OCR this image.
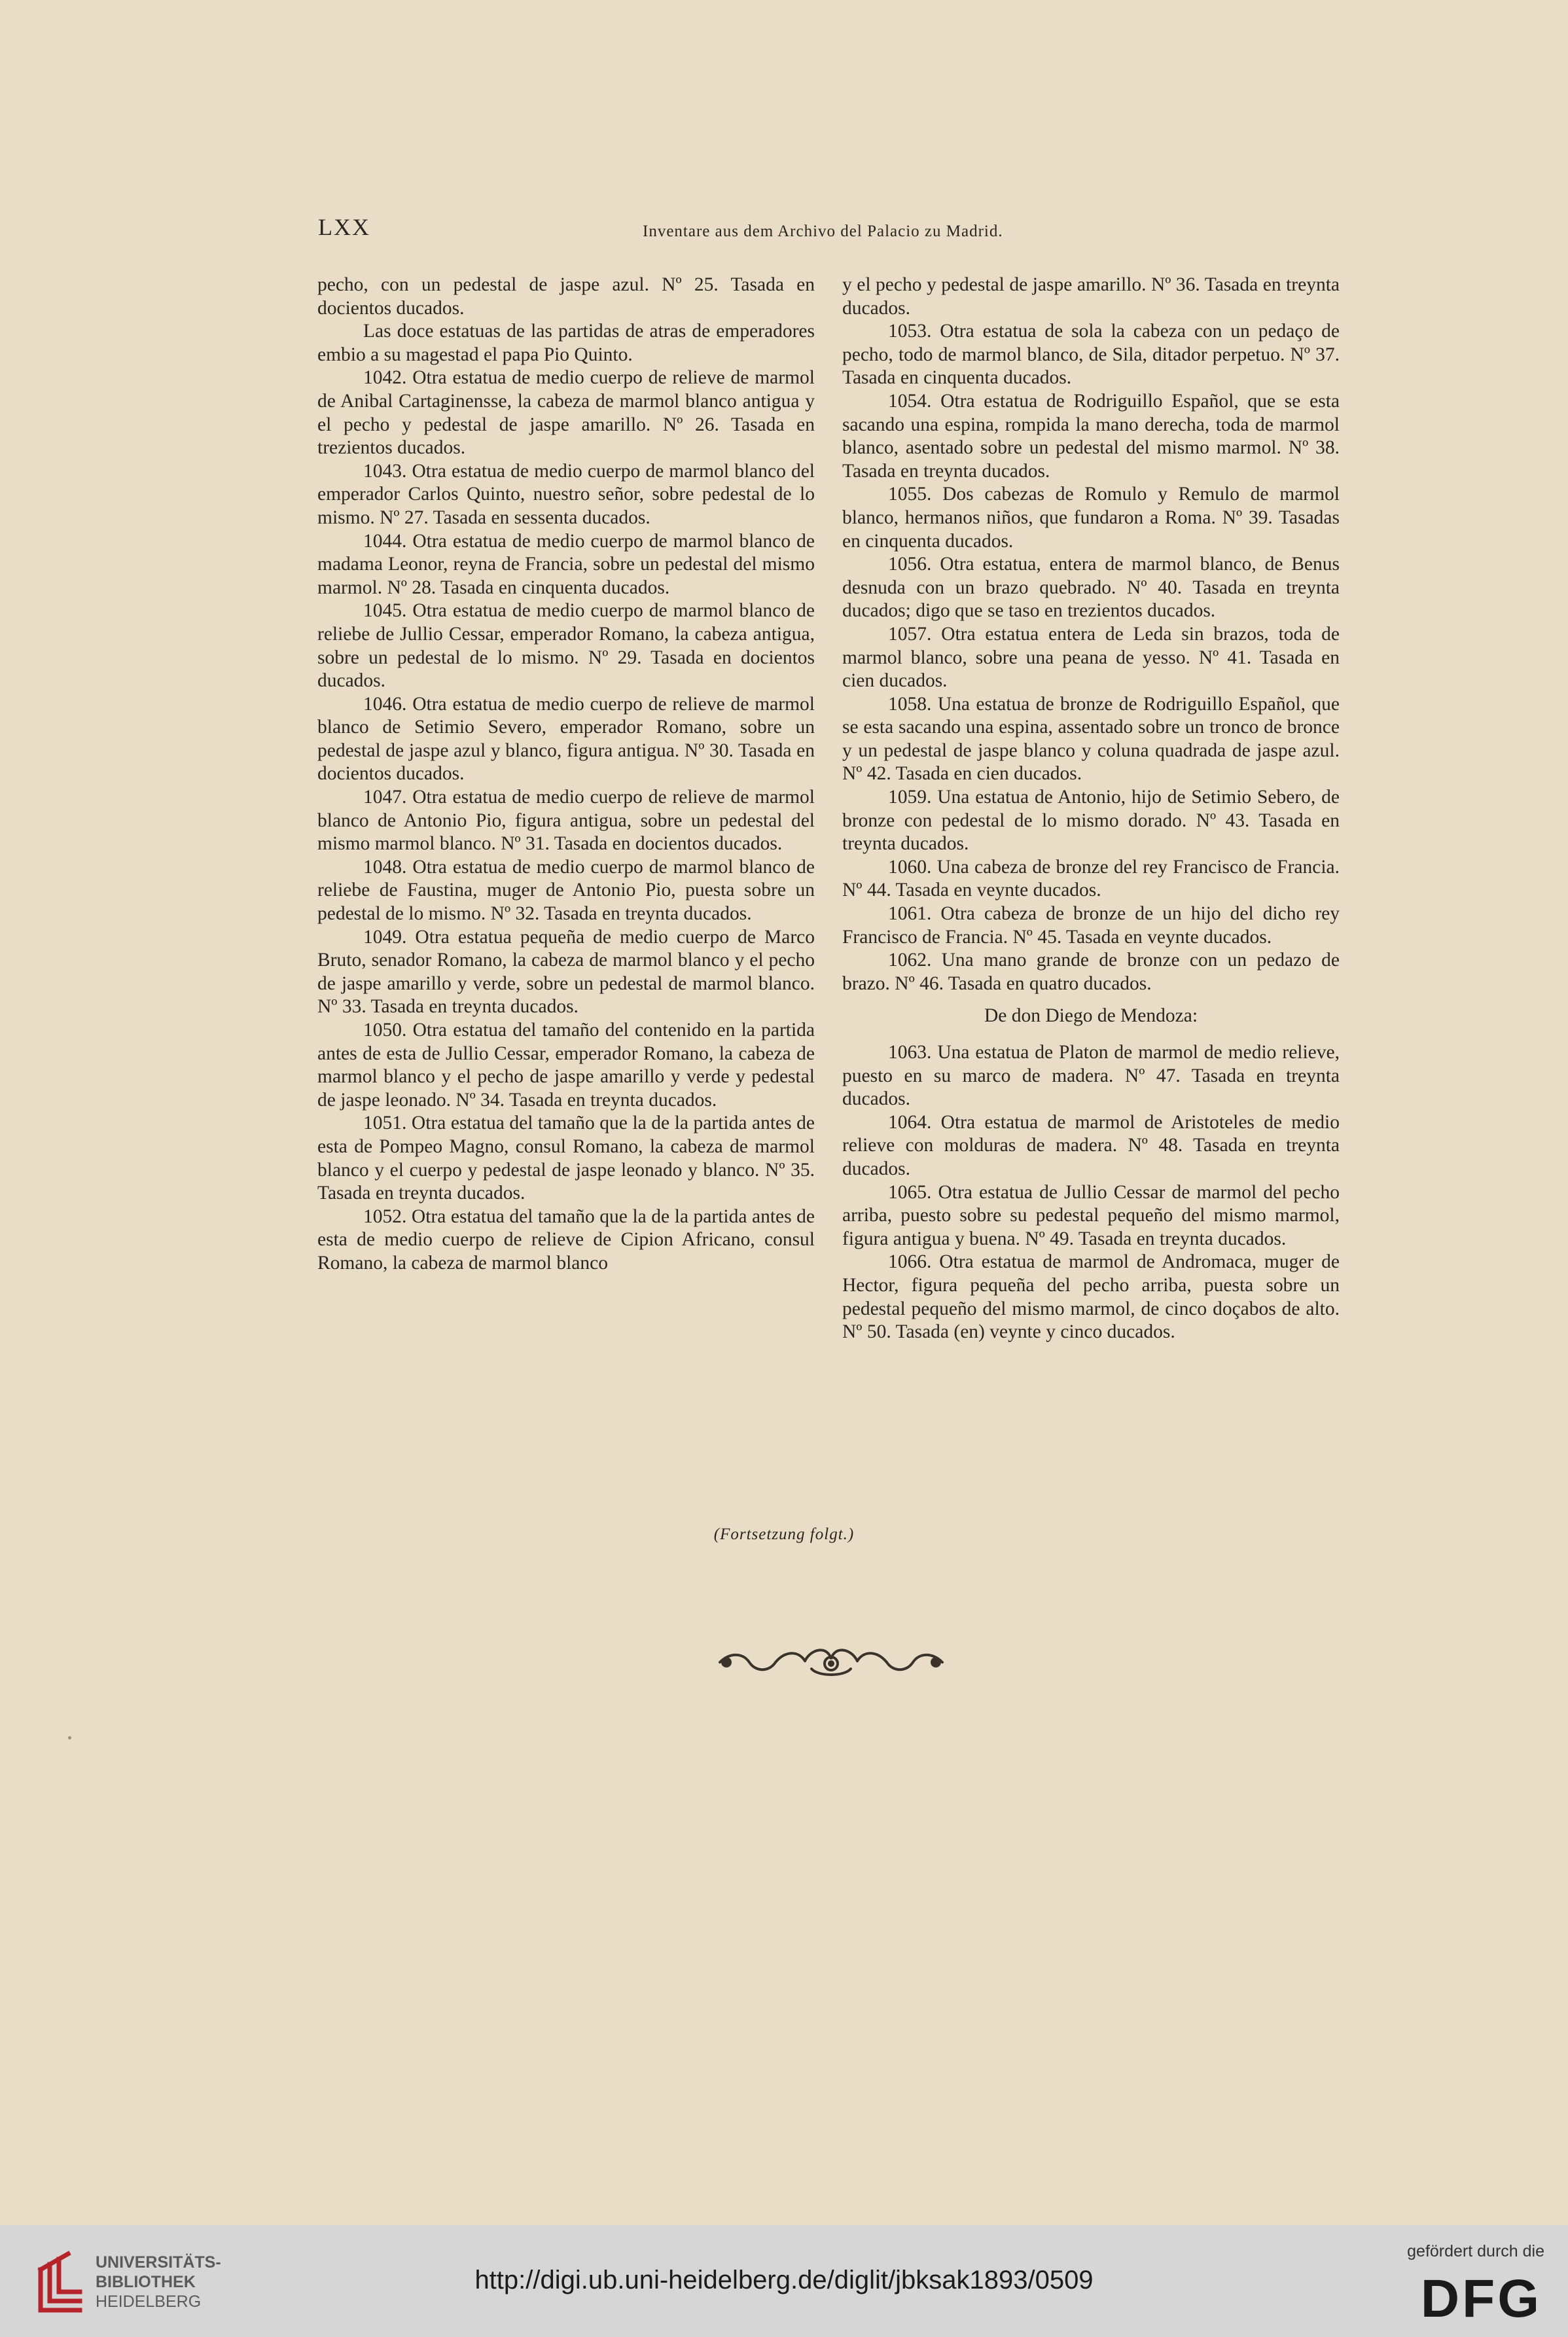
LXX	Inventare aus dem Archivo del Palacio zu Madrid.

pecho, con un pedestal de jaspe azul. Nº 25. Tasada en docientos ducados.

Las doce estatuas de las partidas de atras de emperadores embio a su magestad el papa Pio Quinto.

1042. Otra estatua de medio cuerpo de relieve de marmol de Anibal Cartaginensse, la cabeza de marmol blanco antigua y el pecho y pedestal de jaspe amarillo. Nº 26. Tasada en trezientos ducados.

1043. Otra estatua de medio cuerpo de marmol blanco del emperador Carlos Quinto, nuestro señor, sobre pedestal de lo mismo. Nº 27. Tasada en sessenta ducados.

1044. Otra estatua de medio cuerpo de marmol blanco de madama Leonor, reyna de Francia, sobre un pedestal del mismo marmol. Nº 28. Tasada en cinquenta ducados.

1045. Otra estatua de medio cuerpo de marmol blanco de reliebe de Jullio Cessar, emperador Romano, la cabeza antigua, sobre un pedestal de lo mismo. Nº 29. Tasada en docientos ducados.

1046. Otra estatua de medio cuerpo de relieve de marmol blanco de Setimio Severo, emperador Romano, sobre un pedestal de jaspe azul y blanco, figura antigua. Nº 30. Tasada en docientos ducados.

1047. Otra estatua de medio cuerpo de relieve de marmol blanco de Antonio Pio, figura antigua, sobre un pedestal del mismo marmol blanco. Nº 31. Tasada en docientos ducados.

1048. Otra estatua de medio cuerpo de marmol blanco de reliebe de Faustina, muger de Antonio Pio, puesta sobre un pedestal de lo mismo. Nº 32. Tasada en treynta ducados.

1049. Otra estatua pequeña de medio cuerpo de Marco Bruto, senador Romano, la cabeza de marmol blanco y el pecho de jaspe amarillo y verde, sobre un pedestal de marmol blanco. Nº 33. Tasada en treynta ducados.

1050. Otra estatua del tamaño del contenido en la partida antes de esta de Jullio Cessar, emperador Romano, la cabeza de marmol blanco y el pecho de jaspe amarillo y verde y pedestal de jaspe leonado. Nº 34. Tasada en treynta ducados.

1051. Otra estatua del tamaño que la de la partida antes de esta de Pompeo Magno, consul Romano, la cabeza de marmol blanco y el cuerpo y pedestal de jaspe leonado y blanco. Nº 35. Tasada en treynta ducados.

1052. Otra estatua del tamaño que la de la partida antes de esta de medio cuerpo de relieve de Cipion Africano, consul Romano, la cabeza de marmol blanco

y el pecho y pedestal de jaspe amarillo. Nº 36. Tasada en treynta ducados.

1053. Otra estatua de sola la cabeza con un pedaço de pecho, todo de marmol blanco, de Sila, ditador perpetuo. Nº 37. Tasada en cinquenta ducados.

1054. Otra estatua de Rodriguillo Español, que se esta sacando una espina, rompida la mano derecha, toda de marmol blanco, asentado sobre un pedestal del mismo marmol. Nº 38. Tasada en treynta ducados.

1055. Dos cabezas de Romulo y Remulo de marmol blanco, hermanos niños, que fundaron a Roma. Nº 39. Tasadas en cinquenta ducados.

1056. Otra estatua, entera de marmol blanco, de Benus desnuda con un brazo quebrado. Nº 40. Tasada en treynta ducados; digo que se taso en trezientos ducados.

1057. Otra estatua entera de Leda sin brazos, toda de marmol blanco, sobre una peana de yesso. Nº 41. Tasada en cien ducados.

1058. Una estatua de bronze de Rodriguillo Español, que se esta sacando una espina, assentado sobre un tronco de bronce y un pedestal de jaspe blanco y coluna quadrada de jaspe azul. Nº 42. Tasada en cien ducados.

1059. Una estatua de Antonio, hijo de Setimio Sebero, de bronze con pedestal de lo mismo dorado. Nº 43. Tasada en treynta ducados.

1060. Una cabeza de bronze del rey Francisco de Francia. Nº 44. Tasada en veynte ducados.

1061. Otra cabeza de bronze de un hijo del dicho rey Francisco de Francia. Nº 45. Tasada en veynte ducados.

1062. Una mano grande de bronze con un pedazo de brazo. Nº 46. Tasada en quatro ducados.

De don Diego de Mendoza:

1063. Una estatua de Platon de marmol de medio relieve, puesto en su marco de madera. Nº 47. Tasada en treynta ducados.

1064. Otra estatua de marmol de Aristoteles de medio relieve con molduras de madera. Nº 48. Tasada en treynta ducados.

1065. Otra estatua de Jullio Cessar de marmol del pecho arriba, puesto sobre su pedestal pequeño del mismo marmol, figura antigua y buena. Nº 49. Tasada en treynta ducados.

1066. Otra estatua de marmol de Andromaca, muger de Hector, figura pequeña del pecho arriba, puesta sobre un pedestal pequeño del mismo marmol, de cinco doçabos de alto. Nº 50. Tasada (en) veynte y cinco ducados.

(Fortsetzung folgt.)
UNIVERSITÄTS-
BIBLIOTHEK
HEIDELBERG
http://digi.ub.uni-heidelberg.de/diglit/jbksak1893/0509
gefördert durch die
DFG
